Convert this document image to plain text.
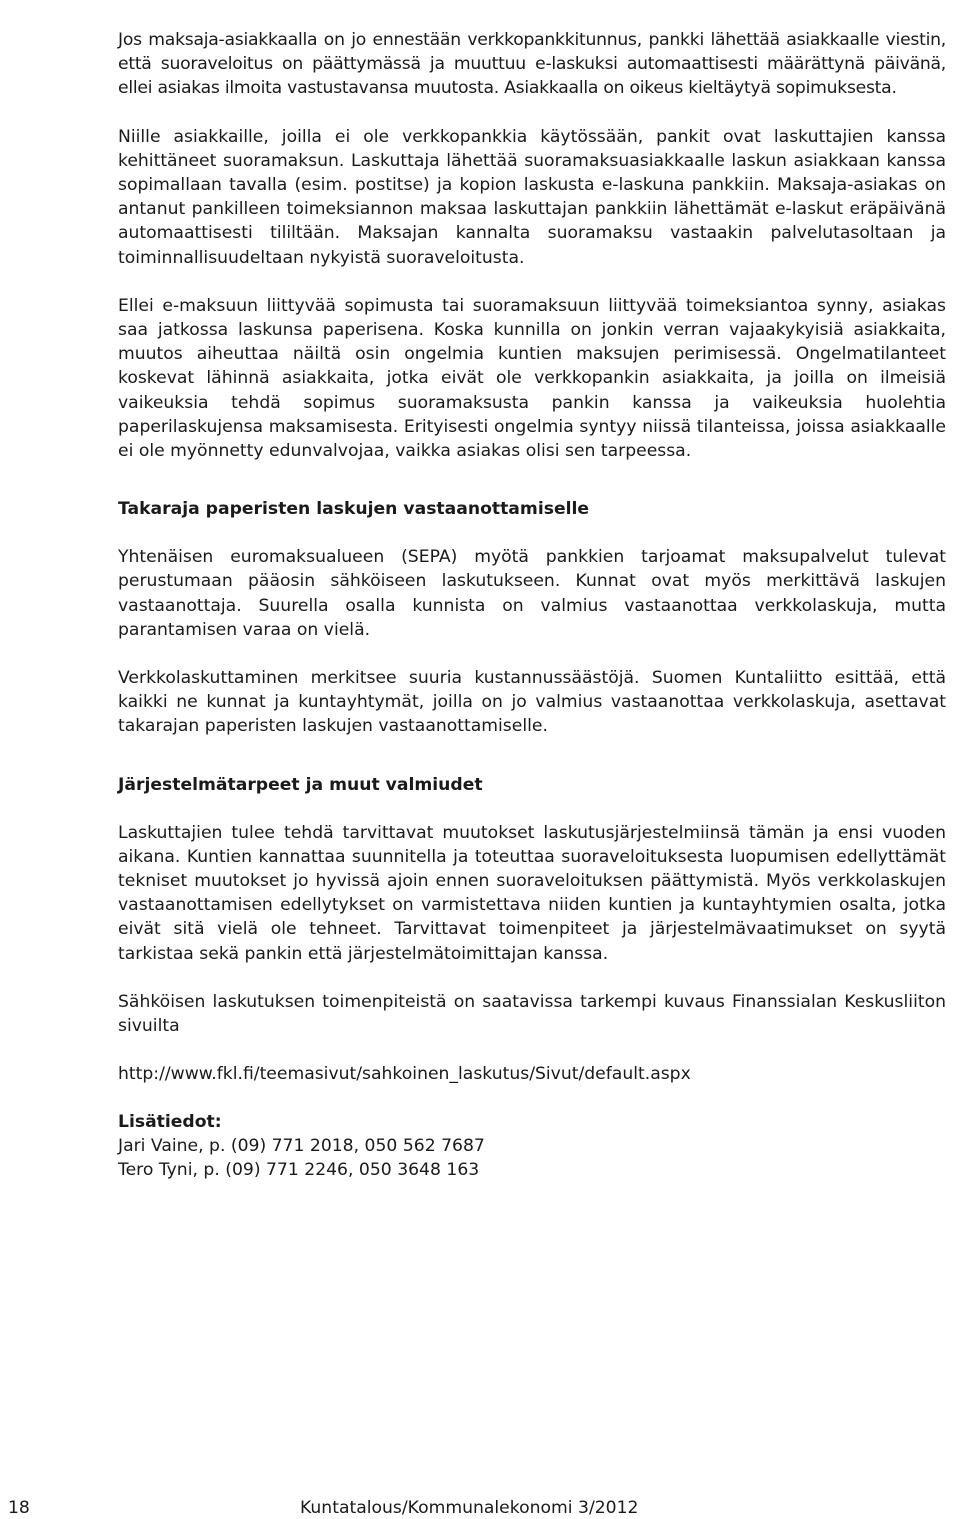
Jos maksaja-asiakkaalla on jo ennestään verkkopankkitunnus, pankki lähettää asiakkaalle viestin, että suoraveloitus on päättymässä ja muuttuu e-laskuksi automaattisesti määrättynä päivänä, ellei asiakas ilmoita vastustavansa muutosta. Asiakkaalla on oikeus kieltäytyä sopimuksesta.

Niille asiakkaille, joilla ei ole verkkopankkia käytössään, pankit ovat laskuttajien kanssa kehittäneet suoramaksun. Laskuttaja lähettää suoramaksuasiakkaalle laskun asiakkaan kanssa sopimallaan tavalla (esim. postitse) ja kopion laskusta e-laskuna pankkiin. Maksaja-asiakas on antanut pankilleen toimeksiannon maksaa laskuttajan pankkiin lähettämät e-laskut eräpäivänä automaattisesti tililtään. Maksajan kannalta suoramaksu vastaakin palvelutasoltaan ja toiminnallisuudeltaan nykyistä suoraveloitusta.

Ellei e-maksuun liittyvää sopimusta tai suoramaksuun liittyvää toimeksiantoa synny, asiakas saa jatkossa laskunsa paperisena. Koska kunnilla on jonkin verran vajaakykyisiä asiakkaita, muutos aiheuttaa näiltä osin ongelmia kuntien maksujen perimisessä. Ongelmatilanteet koskevat lähinnä asiakkaita, jotka eivät ole verkkopankin asiakkaita, ja joilla on ilmeisiä vaikeuksia tehdä sopimus suoramaksusta pankin kanssa ja vaikeuksia huolehtia paperilaskujensa maksamisesta. Erityisesti ongelmia syntyy niissä tilanteissa, joissa asiakkaalle ei ole myönnetty edunvalvojaa, vaikka asiakas olisi sen tarpeessa.

Takaraja paperisten laskujen vastaanottamiselle

Yhtenäisen euromaksualueen (SEPA) myötä pankkien tarjoamat maksupalvelut tulevat perustumaan pääosin sähköiseen laskutukseen. Kunnat ovat myös merkittävä laskujen vastaanottaja. Suurella osalla kunnista on valmius vastaanottaa verkkolaskuja, mutta parantamisen varaa on vielä.

Verkkolaskuttaminen merkitsee suuria kustannussäästöjä. Suomen Kuntaliitto esittää, että kaikki ne kunnat ja kuntayhtymät, joilla on jo valmius vastaanottaa verkkolaskuja, asettavat takarajan paperisten laskujen vastaanottamiselle.

Järjestelmätarpeet ja muut valmiudet

Laskuttajien tulee tehdä tarvittavat muutokset laskutusjärjestelmiinsä tämän ja ensi vuoden aikana. Kuntien kannattaa suunnitella ja toteuttaa suoraveloituksesta luopumisen edellyttämät tekniset muutokset jo hyvissä ajoin ennen suoraveloituksen päättymistä. Myös verkkolaskujen vastaanottamisen edellytykset on varmistettava niiden kuntien ja kuntayhtymien osalta, jotka eivät sitä vielä ole tehneet. Tarvittavat toimenpiteet ja järjestelmävaatimukset on syytä tarkistaa sekä pankin että järjestelmätoimittajan kanssa.

Sähköisen laskutuksen toimenpiteistä on saatavissa tarkempi kuvaus Finanssialan Keskusliiton sivuilta

http://www.fkl.fi/teemasivut/sahkoinen_laskutus/Sivut/default.aspx
Lisätiedot:
Jari Vaine, p. (09) 771 2018, 050 562 7687
Tero Tyni, p. (09) 771 2246, 050 3648 163
18	Kuntatalous/Kommunalekonomi 3/2012
